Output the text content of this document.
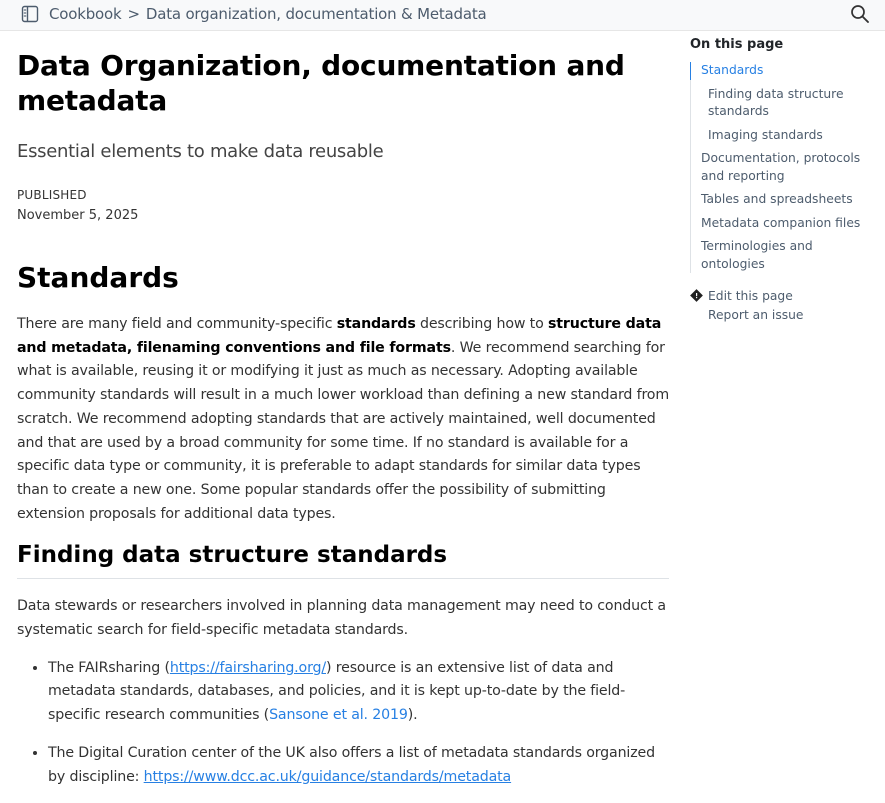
Cookbook > Data organization, documentation & Metadata
Data Organization, documentation and metadata
Essential elements to make data reusable
PUBLISHED
November 5, 2025
Standards

There are many field and community-specific standards describing how to structure data and metadata, filenaming conventions and file formats. We recommend searching for what is available, reusing it or modifying it just as much as necessary. Adopting available community standards will result in a much lower workload than defining a new standard from scratch. We recommend adopting standards that are actively maintained, well documented and that are used by a broad community for some time. If no standard is available for a specific data type or community, it is preferable to adapt standards for similar data types than to create a new one. Some popular standards offer the possibility of submitting extension proposals for additional data types.

Finding data structure standards

Data stewards or researchers involved in planning data management may need to conduct a systematic search for field-specific metadata standards.

• The FAIRsharing (https://fairsharing.org/) resource is an extensive list of data and metadata standards, databases, and policies, and it is kept up-to-date by the field-specific research communities (Sansone et al. 2019).
• The Digital Curation center of the UK also offers a list of metadata standards organized by discipline: https://www.dcc.ac.uk/guidance/standards/metadata
On this page
Standards
Finding data structure standards
Imaging standards
Documentation, protocols and reporting
Tables and spreadsheets
Metadata companion files
Terminologies and ontologies
Edit this page
Report an issue
